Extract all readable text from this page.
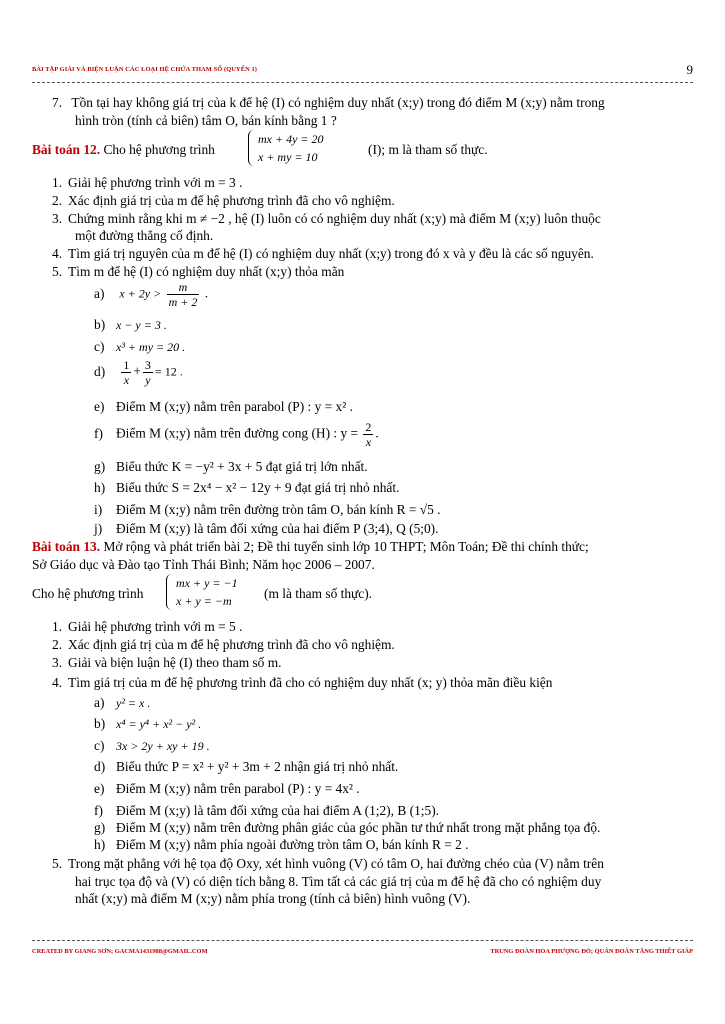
BÀI TẬP GIẢI VÀ BIỆN LUẬN CÁC LOẠI HỆ CHỨA THAM SỐ (QUYỂN 1)	9
7. Tồn tại hay không giá trị của k để hệ (I) có nghiệm duy nhất (x;y) trong đó điểm M (x;y) nằm trong
hình tròn (tính cả biên) tâm O, bán kính bằng 1 ?
Bài toán 12. Cho hệ phương trình
mx + 4y = 20
x + my = 10	(I); m là tham số thực.
1. Giải hệ phương trình với m = 3 .
2. Xác định giá trị của m để hệ phương trình đã cho vô nghiệm.
3. Chứng minh rằng khi m ≠ −2 , hệ (I) luôn có có nghiệm duy nhất (x;y) mà điểm M (x;y) luôn thuộc
một đường thẳng cố định.
4. Tìm giá trị nguyên của m để hệ (I) có nghiệm duy nhất (x;y) trong đó x và y đều là các số nguyên.
5. Tìm m để hệ (I) có nghiệm duy nhất (x;y) thỏa mãn
a) $x + 2y > \frac{m}{m + 2}$ .
b) x − y = 3 .
c) x³ + my = 20 .
$d) \frac{1}{x} + \frac{3}{y} = 12$ .
e) Điểm M (x;y) nằm trên parabol (P) : y = x² .
f) Điểm M (x;y) nằm trên đường cong (H) : $y = \frac{2}{x}$ .
g) Biểu thức K = −y² + 3x + 5 đạt giá trị lớn nhất.
h) Biểu thức S = 2x⁴ − x² − 12y + 9 đạt giá trị nhỏ nhất.
i) Điểm M (x;y) nằm trên đường tròn tâm O, bán kính R = √5 .
j) Điểm M (x;y) là tâm đối xứng của hai điểm P (3;4), Q (5;0).
Bài toán 13. Mở rộng và phát triển bài 2; Đề thi tuyển sinh lớp 10 THPT; Môn Toán; Đề thi chính thức;
Sở Giáo dục và Đào tạo Tỉnh Thái Bình; Năm học 2006 – 2007.
Cho hệ phương trình
mx + y = −1
x + y = −m	(m là tham số thực).
1. Giải hệ phương trình với m = 5 .
2. Xác định giá trị của m để hệ phương trình đã cho vô nghiệm.
3. Giải và biện luận hệ (I) theo tham số m.
4. Tìm giá trị của m để hệ phương trình đã cho có nghiệm duy nhất (x; y) thỏa mãn điều kiện
a) y² = x .
b) x⁴ = y⁴ + x² − y² .
c) 3x > 2y + xy + 19 .
d) Biểu thức P = x² + y² + 3m + 2 nhận giá trị nhỏ nhất.
e) Điểm M (x;y) nằm trên parabol (P) : y = 4x² .
f) Điểm M (x;y) là tâm đối xứng của hai điểm A (1;2), B (1;5).
g) Điểm M (x;y) nằm trên đường phân giác của góc phần tư thứ nhất trong mặt phẳng tọa độ.
h) Điểm M (x;y) nằm phía ngoài đường tròn tâm O, bán kính R = 2 .
5. Trong mặt phẳng với hệ tọa độ Oxy, xét hình vuông (V) có tâm O, hai đường chéo của (V) nằm trên
hai trục tọa độ và (V) có diện tích bằng 8. Tìm tất cả các giá trị của m để hệ đã cho có nghiệm duy
nhất (x;y) mà điểm M (x;y) nằm phía trong (tính cả biên) hình vuông (V).
CREATED BY GIANG SƠN; GACMA1431988@GMAIL.COM	TRUNG ĐOÀN HOA PHƯỢNG ĐỎ; QUÂN ĐOÀN TĂNG THIẾT GIÁP
